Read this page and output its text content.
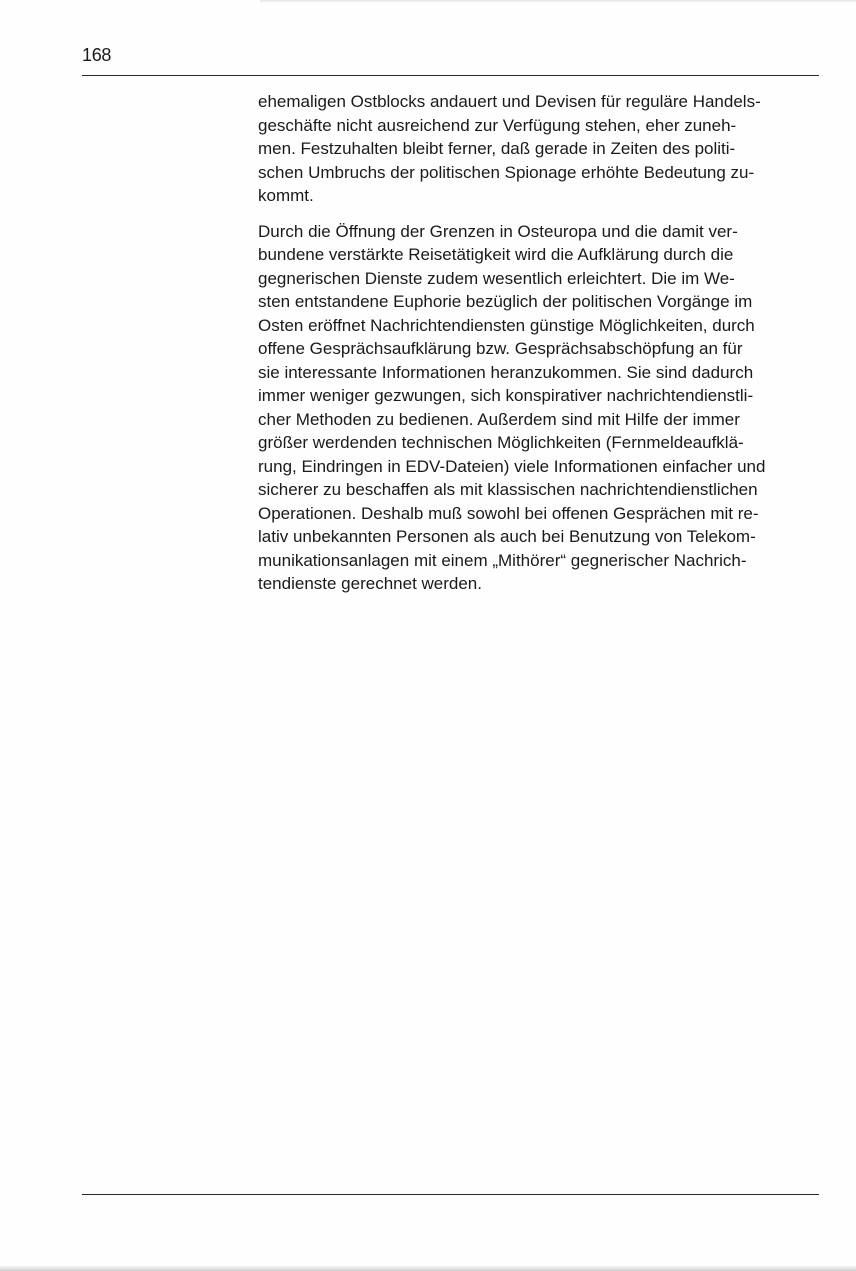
168

ehemaligen Ostblocks andauert und Devisen für reguläre Handels-
geschäfte nicht ausreichend zur Verfügung stehen, eher zuneh-
men. Festzuhalten bleibt ferner, daß gerade in Zeiten des politi-
schen Umbruchs der politischen Spionage erhöhte Bedeutung zu-
kommt.

Durch die Öffnung der Grenzen in Osteuropa und die damit ver-
bundene verstärkte Reisetätigkeit wird die Aufklärung durch die
gegnerischen Dienste zudem wesentlich erleichtert. Die im We-
sten entstandene Euphorie bezüglich der politischen Vorgänge im
Osten eröffnet Nachrichtendiensten günstige Möglichkeiten, durch
offene Gesprächsaufklärung bzw. Gesprächsabschöpfung an für
sie interessante Informationen heranzukommen. Sie sind dadurch
immer weniger gezwungen, sich konspirativer nachrichtendienstli-
cher Methoden zu bedienen. Außerdem sind mit Hilfe der immer
größer werdenden technischen Möglichkeiten (Fernmeldeaufklä-
rung, Eindringen in EDV-Dateien) viele Informationen einfacher und
sicherer zu beschaffen als mit klassischen nachrichtendienstlichen
Operationen. Deshalb muß sowohl bei offenen Gesprächen mit re-
lativ unbekannten Personen als auch bei Benutzung von Telekom-
munikationsanlagen mit einem „Mithörer“ gegnerischer Nachrich-
tendienste gerechnet werden.
